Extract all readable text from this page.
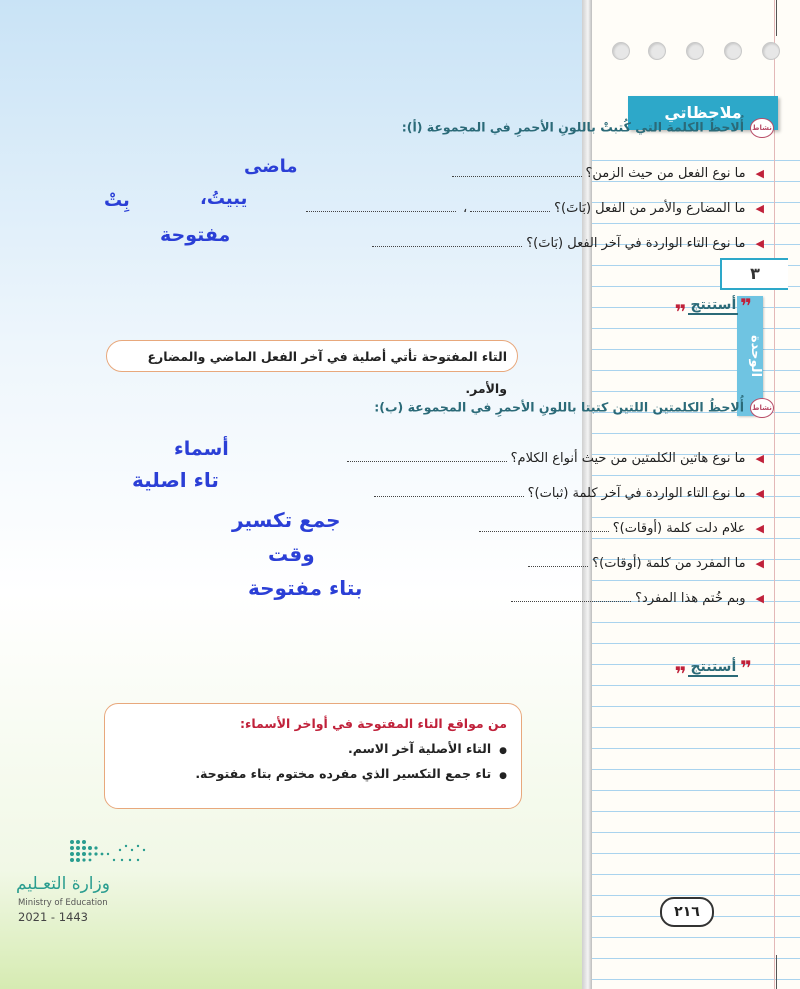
ملاحظاتي
٣
الوحدة
نشاطأُلاحظُ الكلمة التي كُتبتْ باللونِ الأحمرِ في المجموعة (أ):
◀ما نوع الفعل من حيث الزمن؟
ماضى
◀ما المضارع والأمر من الفعل (بَاتَ)؟،
يبيتُ،
بِتْ
◀ما نوع التاء الواردة في آخر الفعل (بَاتَ)؟
مفتوحة
❞أستنتج❞
التاء المفتوحة تأتي أصلية في آخر الفعل الماضي والمضارع والأمر.
نشاطأُلاحظُ الكلمتين اللتين كتبتا باللونِ الأحمرِ في المجموعة (ب):
◀ما نوع هاتين الكلمتين من حيث أنواع الكلام؟
أسماء
◀ما نوع التاء الواردة في آخر كلمة (ثبات)؟
تاء اصلية
◀علام دلت كلمة (أوقات)؟
جمع تكسير
◀ما المفرد من كلمة (أوقات)؟
وقت
◀وبم خُتم هذا المفرد؟
بتاء مفتوحة
❞أستنتج❞
من مواقع التاء المفتوحة في أواخر الأسماء:
● التاء الأصلية آخر الاسم.
● تاء جمع التكسير الذي مفرده مختوم بتاء مفتوحة.
وزارة التعـليم
Ministry of Education
2021 - 1443	٢١٦
